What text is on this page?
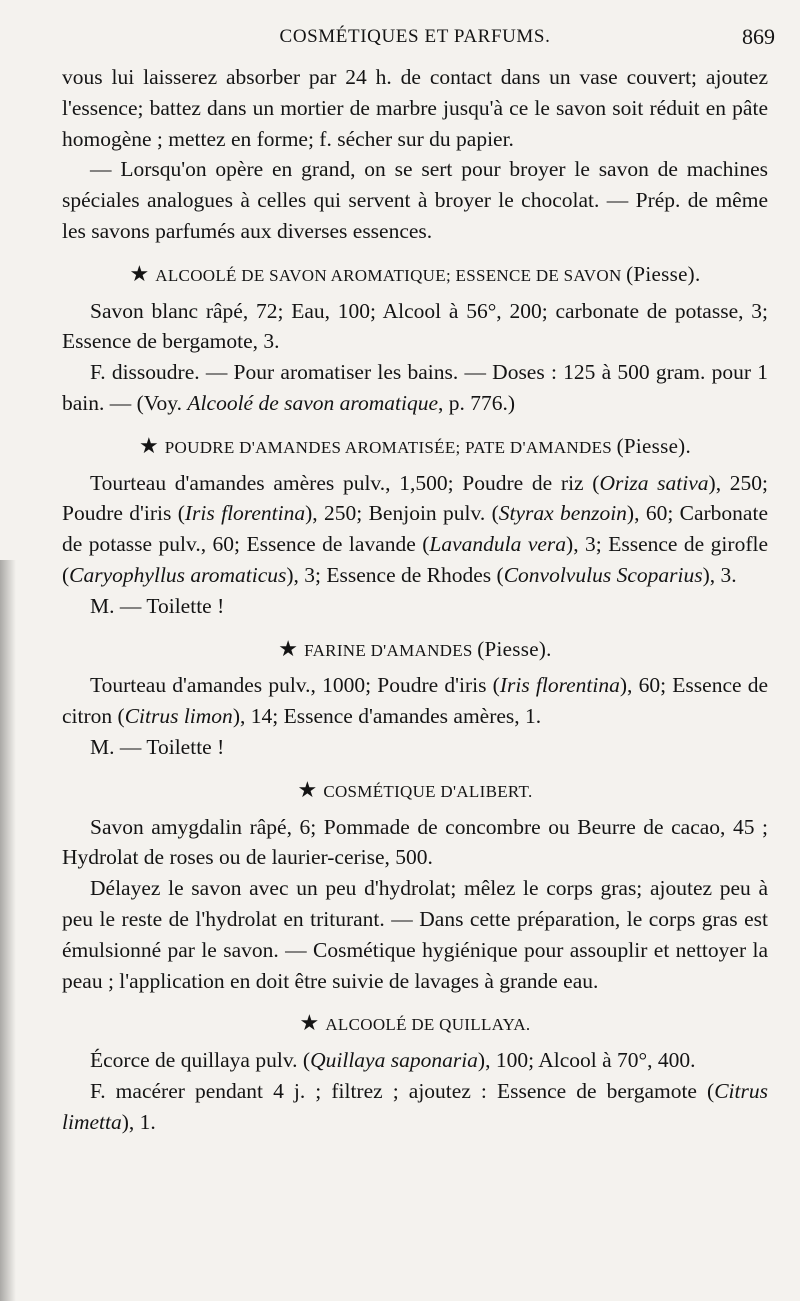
COSMÉTIQUES ET PARFUMS.	869

vous lui laisserez absorber par 24 h. de contact dans un vase couvert; ajoutez l'essence; battez dans un mortier de marbre jusqu'à ce le savon soit réduit en pâte homogène ; mettez en forme; f. sécher sur du papier.

— Lorsqu'on opère en grand, on se sert pour broyer le savon de machines spéciales analogues à celles qui servent à broyer le chocolat. — Prép. de même les savons parfumés aux diverses essences.

★ ALCOOLÉ DE SAVON AROMATIQUE; ESSENCE DE SAVON (Piesse).

Savon blanc râpé, 72; Eau, 100; Alcool à 56°, 200; carbonate de potasse, 3; Essence de bergamote, 3.

F. dissoudre. — Pour aromatiser les bains. — Doses : 125 à 500 gram. pour 1 bain. — (Voy. Alcoolé de savon aromatique, p. 776.)

★ POUDRE D'AMANDES AROMATISÉE; PATE D'AMANDES (Piesse).

Tourteau d'amandes amères pulv., 1,500; Poudre de riz (Oriza sativa), 250; Poudre d'iris (Iris florentina), 250; Benjoin pulv. (Styrax benzoin), 60; Carbonate de potasse pulv., 60; Essence de lavande (Lavandula vera), 3; Essence de girofle (Caryophyllus aromaticus), 3; Essence de Rhodes (Convolvulus Scoparius), 3.

M. — Toilette !

★ FARINE D'AMANDES (Piesse).

Tourteau d'amandes pulv., 1000; Poudre d'iris (Iris florentina), 60; Essence de citron (Citrus limon), 14; Essence d'amandes amères, 1.

M. — Toilette !

★ COSMÉTIQUE D'ALIBERT.

Savon amygdalin râpé, 6; Pommade de concombre ou Beurre de cacao, 45 ; Hydrolat de roses ou de laurier-cerise, 500.

Délayez le savon avec un peu d'hydrolat; mêlez le corps gras; ajoutez peu à peu le reste de l'hydrolat en triturant. — Dans cette préparation, le corps gras est émulsionné par le savon. — Cosmétique hygiénique pour assouplir et nettoyer la peau ; l'application en doit être suivie de lavages à grande eau.

★ ALCOOLÉ DE QUILLAYA.

Écorce de quillaya pulv. (Quillaya saponaria), 100; Alcool à 70°, 400.

F. macérer pendant 4 j. ; filtrez ; ajoutez : Essence de bergamote (Citrus limetta), 1.
